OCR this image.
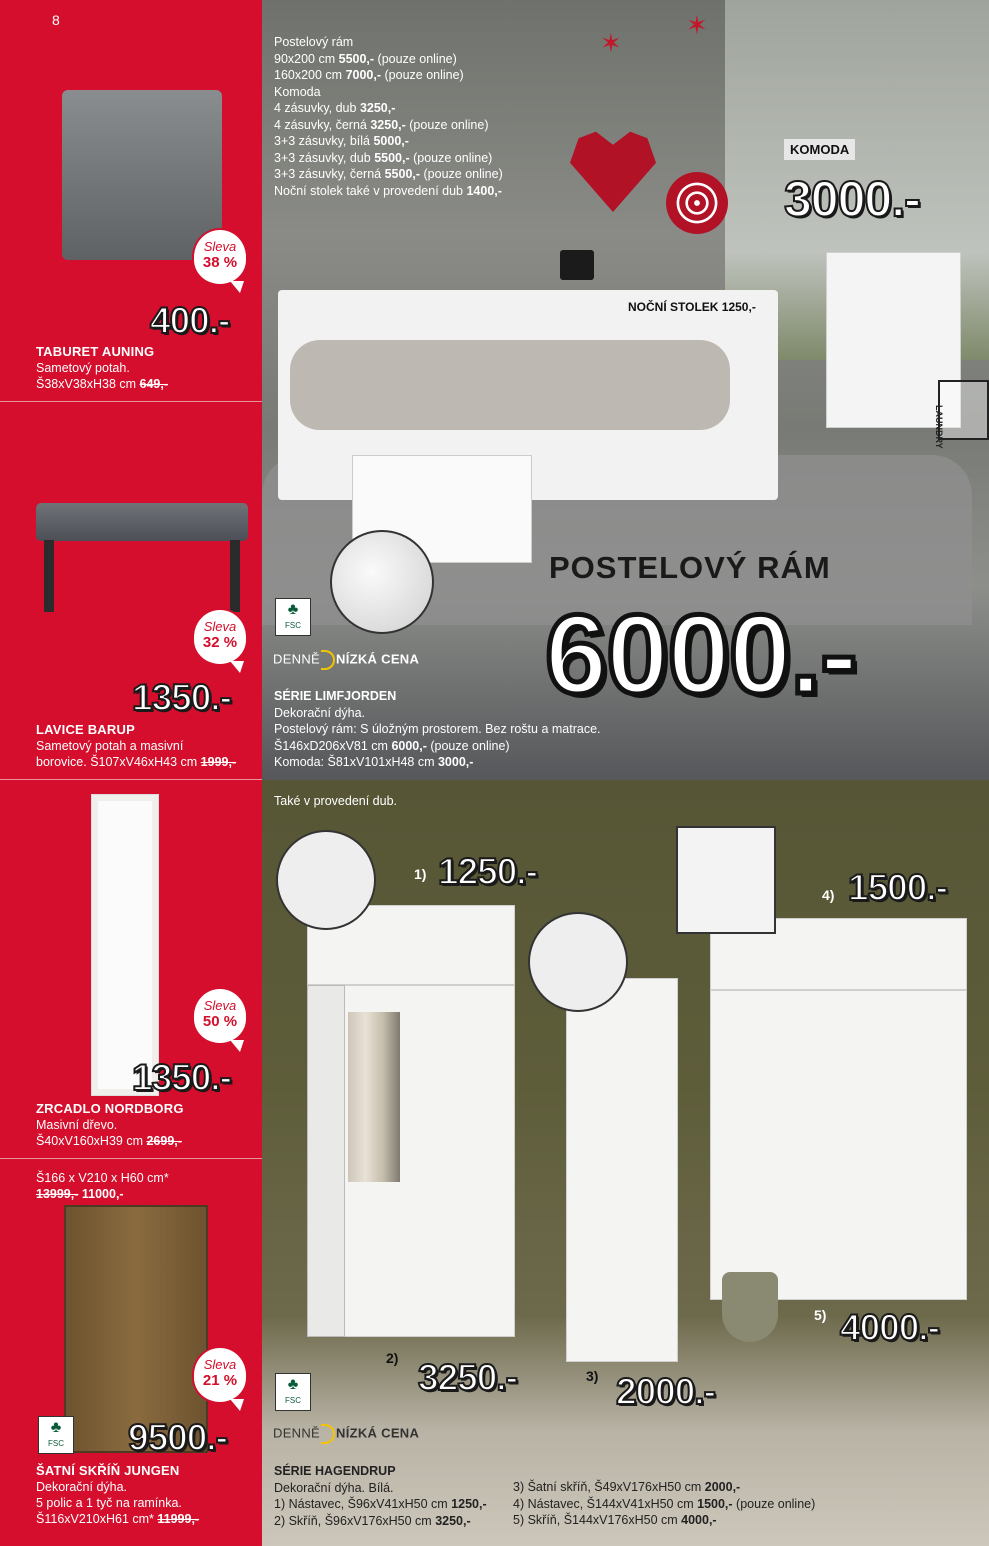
8
Sleva
38 %
400.-
TABURET AUNING
Sametový potah.
Š38xV38xH38 cm 649,-
Sleva
32 %
1350.-
LAVICE BARUP
Sametový potah a masivní
borovice. Š107xV46xH43 cm 1999,-
Sleva
50 %
1350.-
ZRCADLO NORDBORG
Masivní dřevo.
Š40xV160xH39 cm 2699,-
Š166 x V210 x H60 cm*
13999,- 11000,-
Sleva
21 %
♣
FSC 9500.-
ŠATNÍ SKŘÍŇ JUNGEN
Dekorační dýha.
5 polic a 1 tyč na ramínka.
Š116xV210xH61 cm* 11999,-
LAUNDRY
✶
✶
Postelový rám
90x200 cm 5500,- (pouze online)
160x200 cm 7000,- (pouze online)
Komoda
4 zásuvky, dub 3250,-
4 zásuvky, černá 3250,- (pouze online)
3+3 zásuvky, bílá 5000,-
3+3 zásuvky, dub 5500,- (pouze online)
3+3 zásuvky, černá 5500,- (pouze online)
Noční stolek také v provedení dub 1400,-
KOMODA
3000.-
NOČNÍ STOLEK 1250,-
♣
FSC
DENNĚ NÍZKÁ CENA
POSTELOVÝ RÁM
6000.-
SÉRIE LIMFJORDEN
Dekorační dýha.
Postelový rám: S úložným prostorem. Bez roštu a matrace.
Š146xD206xV81 cm 6000,- (pouze online)
Komoda: Š81xV101xH48 cm 3000,-
Také v provedení dub.
1) 1250.-
4) 1500.-
5) 4000.-
2) 3250.-	3) 2000.-
♣
FSC
DENNĚ NÍZKÁ CENA
SÉRIE HAGENDRUP
Dekorační dýha. Bílá.
1) Nástavec, Š96xV41xH50 cm 1250,-
2) Skříň, Š96xV176xH50 cm 3250,-
3) Šatní skříň, Š49xV176xH50 cm 2000,-
4) Nástavec, Š144xV41xH50 cm 1500,- (pouze online)
5) Skříň, Š144xV176xH50 cm 4000,-
